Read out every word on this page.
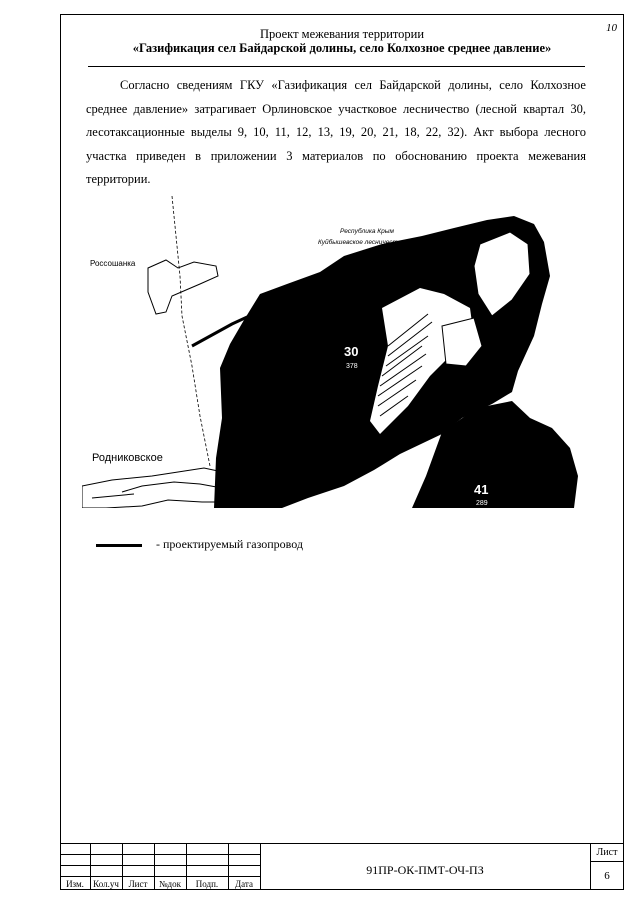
10
Проект межевания территории
«Газификация сел Байдарской долины, село Колхозное среднее давление»

Согласно сведениям ГКУ «Газификация сел Байдарской долины, село Колхозное среднее давление» затрагивает Орлиновское участковое лесничество (лесной квартал 30, лесотаксационные выделы 9, 10, 11, 12, 13, 19, 20, 21, 18, 22, 32). Акт выбора лесного участка приведен в приложении 3 материалов по обоснованию проекта межевания территории.

Россошанка
Родниковское
Республика Крым
Куйбышевское лесничество
30
378
41
289
- проектируемый газопровод
Изм.	Кол.уч	Лист	№док	Подп.	Дата
91ПР-ОК-ПМТ-ОЧ-ПЗ
Лист
6
